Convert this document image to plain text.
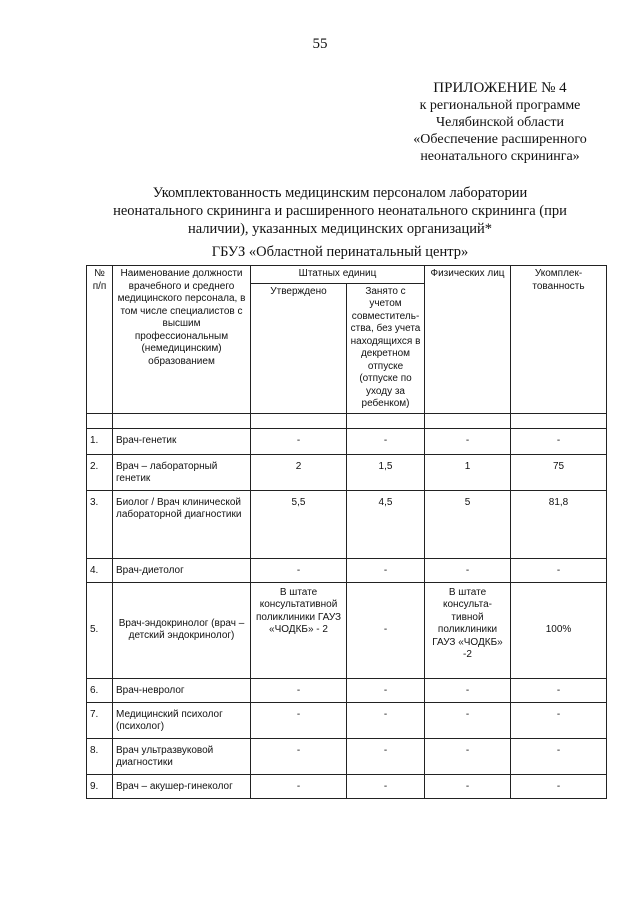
55
ПРИЛОЖЕНИЕ № 4
к региональной программе
Челябинской области
«Обеспечение расширенного
неонатального скрининга»
Укомплектованность медицинским персоналом лаборатории
неонатального скрининга и расширенного неонатального скрининга (при
наличии), указанных медицинских организаций*
ГБУЗ «Областной перинатальный центр»
№ п/п	Наименование должности врачебного и среднего медицинского персонала, в том числе специалистов с высшим профессиональным (немедицинским) образованием	Штатных единиц		Физических лиц	Укомплек-тованность
		Утверждено	Занято с учетом совместитель-ства, без учета находящихся в декретном отпуске (отпуске по уходу за ребенком)		

1.	Врач-генетик	-	-	-	-
2.	Врач – лабораторный генетик	2	1,5	1	75
3.	Биолог / Врач клинической лабораторной диагностики	5,5	4,5	5	81,8
4.	Врач-диетолог	-	-	-	-
5.	Врач-эндокринолог (врач – детский эндокринолог)	В штате консультативной поликлиники ГАУЗ «ЧОДКБ» - 2	-	В штате консульта-тивной поликлиники ГАУЗ «ЧОДКБ» -2	100%
6.	Врач-невролог	-	-	-	-
7.	Медицинский психолог (психолог)	-	-	-	-
8.	Врач ультразвуковой диагностики	-	-	-	-
9.	Врач – акушер-гинеколог	-	-	-	-
